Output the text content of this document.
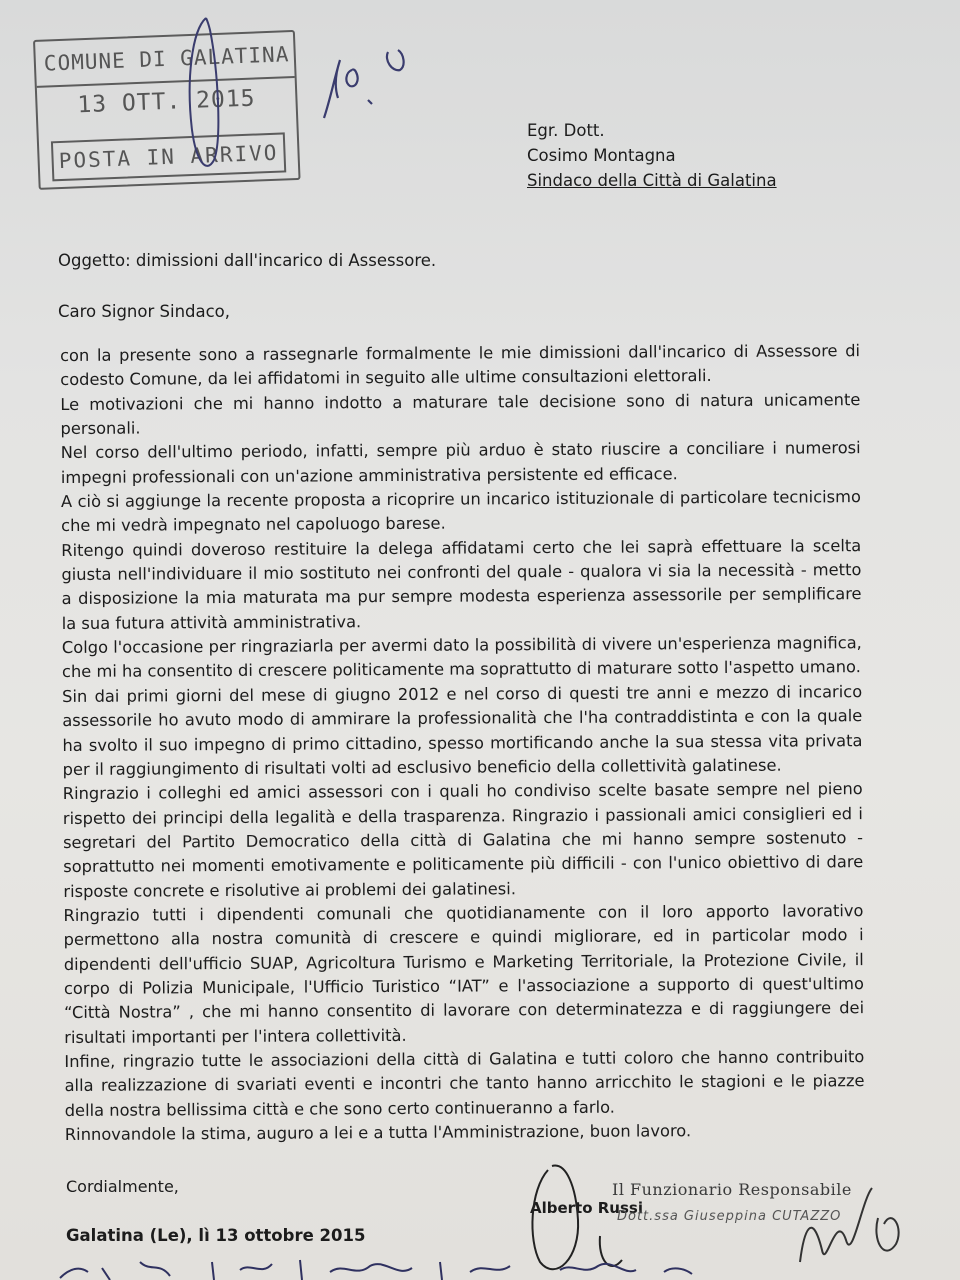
COMUNE DI GALATINA
13 OTT. 2015
POSTA IN ARRIVO
Egr. Dott.
Cosimo Montagna
Sindaco della Città di Galatina
Oggetto: dimissioni dall'incarico di Assessore.
Caro Signor Sindaco,

con la presente sono a rassegnarle formalmente le mie dimissioni dall'incarico di Assessore di codesto Comune, da lei affidatomi in seguito alle ultime consultazioni elettorali.

Le motivazioni che mi hanno indotto a maturare tale decisione sono di natura unicamente personali.

Nel corso dell'ultimo periodo, infatti, sempre più arduo è stato riuscire a conciliare i numerosi impegni professionali con un'azione amministrativa persistente ed efficace.

A ciò si aggiunge la recente proposta a ricoprire un incarico istituzionale di particolare tecnicismo che mi vedrà impegnato nel capoluogo barese.

Ritengo quindi doveroso restituire la delega affidatami certo che lei saprà effettuare la scelta giusta nell'individuare il mio sostituto nei confronti del quale - qualora vi sia la necessità - metto a disposizione la mia maturata ma pur sempre modesta esperienza assessorile per semplificare la sua futura attività amministrativa.

Colgo l'occasione per ringraziarla per avermi dato la possibilità di vivere un'esperienza magnifica, che mi ha consentito di crescere politicamente ma soprattutto di maturare sotto l'aspetto umano.

Sin dai primi giorni del mese di giugno 2012 e nel corso di questi tre anni e mezzo di incarico assessorile ho avuto modo di ammirare la professionalità che l'ha contraddistinta e con la quale ha svolto il suo impegno di primo cittadino, spesso mortificando anche la sua stessa vita privata per il raggiungimento di risultati volti ad esclusivo beneficio della collettività galatinese.

Ringrazio i colleghi ed amici assessori con i quali ho condiviso scelte basate sempre nel pieno rispetto dei principi della legalità e della trasparenza. Ringrazio i passionali amici consiglieri ed i segretari del Partito Democratico della città di Galatina che mi hanno sempre sostenuto - soprattutto nei momenti emotivamente e politicamente più difficili - con l'unico obiettivo di dare risposte concrete e risolutive ai problemi dei galatinesi.

Ringrazio tutti i dipendenti comunali che quotidianamente con il loro apporto lavorativo permettono alla nostra comunità di crescere e quindi migliorare, ed in particolar modo i dipendenti dell'ufficio SUAP, Agricoltura Turismo e Marketing Territoriale, la Protezione Civile, il corpo di Polizia Municipale, l'Ufficio Turistico “IAT” e l'associazione a supporto di quest'ultimo “Città Nostra” , che mi hanno consentito di lavorare con determinatezza e di raggiungere dei risultati importanti per l'intera collettività.

Infine, ringrazio tutte le associazioni della città di Galatina e tutti coloro che hanno contribuito alla realizzazione di svariati eventi e incontri che tanto hanno arricchito le stagioni e le piazze della nostra bellissima città e che sono certo continueranno a farlo.

Rinnovandole la stima, auguro a lei e a tutta l'Amministrazione, buon lavoro.

Cordialmente,
Galatina (Le), lì 13 ottobre 2015
Alberto Russi
Il Funzionario Responsabile
Dott.ssa Giuseppina CUTAZZO
